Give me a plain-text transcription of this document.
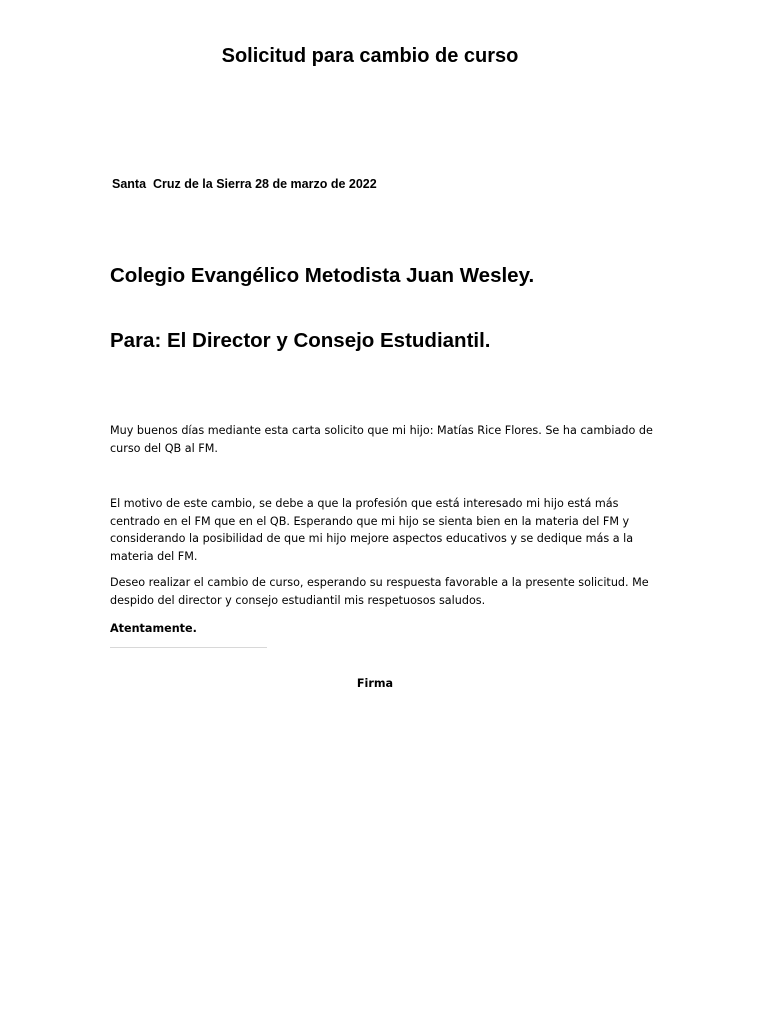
Solicitud para cambio de curso

Santa  Cruz de la Sierra 28 de marzo de 2022

Colegio Evangélico Metodista Juan Wesley.
Para: El Director y Consejo Estudiantil.

Muy buenos días mediante esta carta solicito que mi hijo: Matías Rice Flores. Se ha cambiado de curso del QB al FM.

El motivo de este cambio, se debe a que la profesión que está interesado mi hijo está más centrado en el FM que en el QB. Esperando que mi hijo se sienta bien en la materia del FM y considerando la posibilidad de que mi hijo mejore aspectos educativos y se dedique más a la materia del FM.

Deseo realizar el cambio de curso, esperando su respuesta favorable a la presente solicitud. Me despido del director y consejo estudiantil mis respetuosos saludos.

Atentamente.

Firma
